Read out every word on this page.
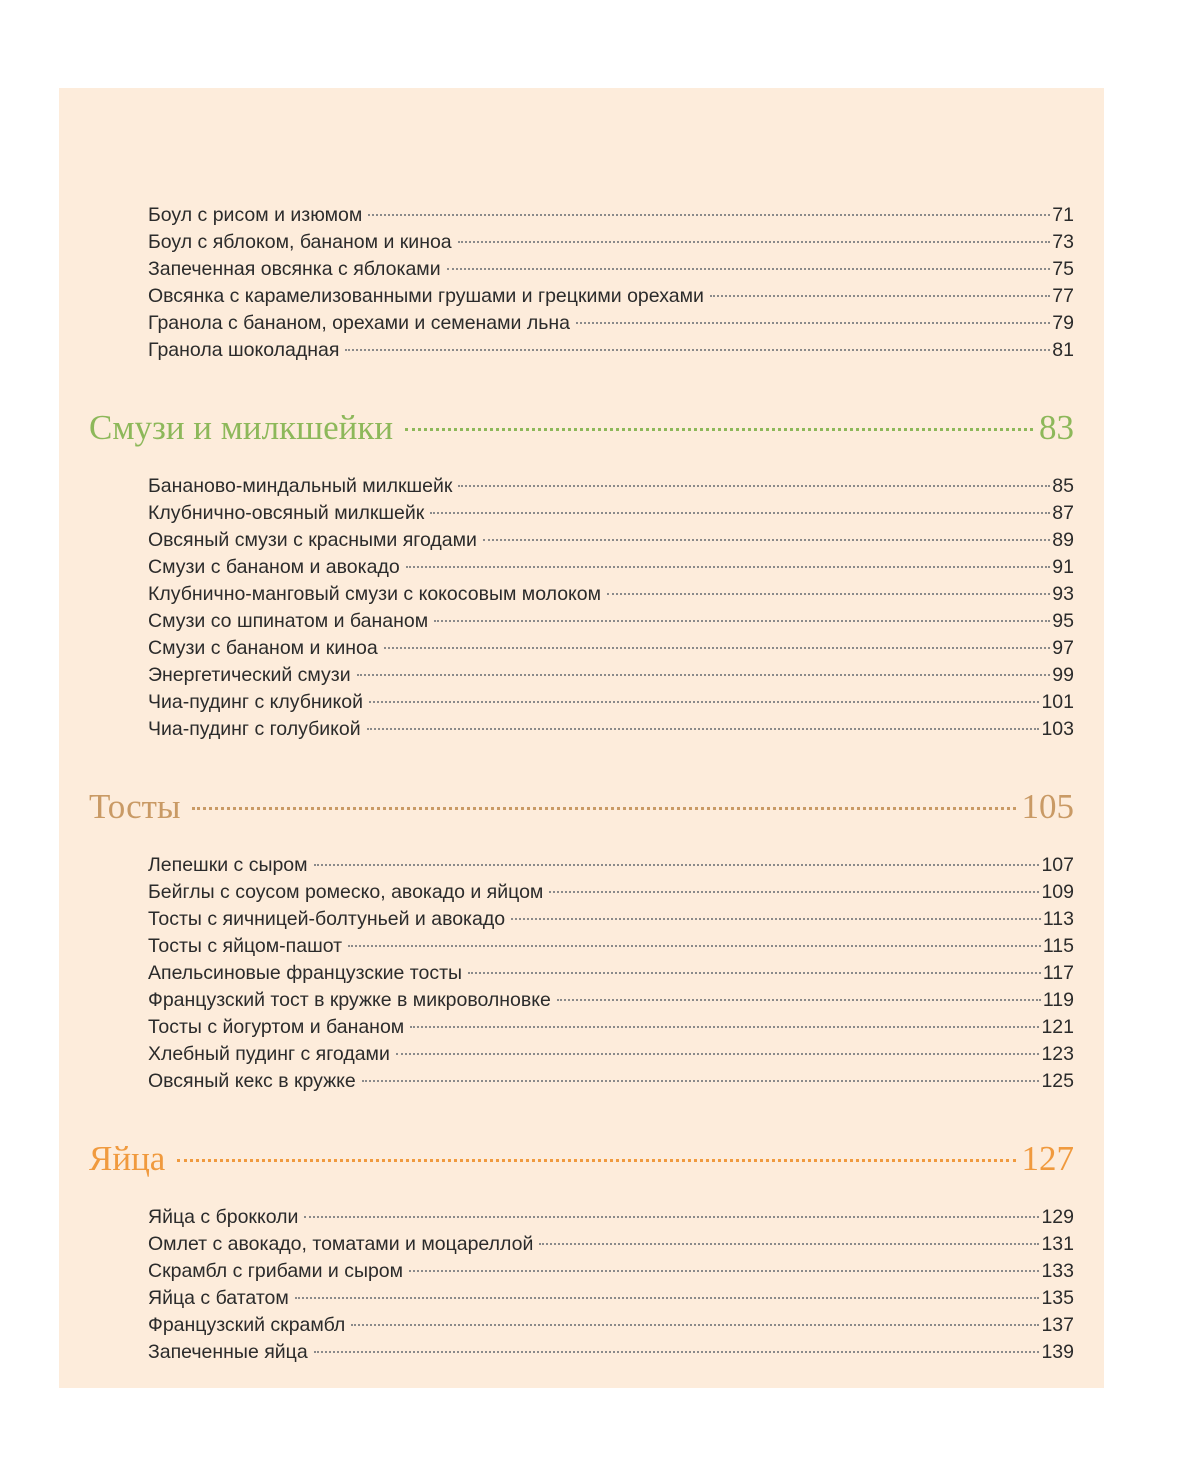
Боул с рисом и изюмом	71
Боул с яблоком, бананом и киноа	73
Запеченная овсянка с яблоками	75
Овсянка с карамелизованными грушами и грецкими орехами	77
Гранола с бананом, орехами и семенами льна	79
Гранола шоколадная	81
Смузи и милкшейки	83
Бананово-миндальный милкшейк	85
Клубнично-овсяный милкшейк	87
Овсяный смузи с красными ягодами	89
Смузи с бананом и авокадо	91
Клубнично-манговый смузи с кокосовым молоком	93
Смузи со шпинатом и бананом	95
Смузи с бананом и киноа	97
Энергетический смузи	99
Чиа-пудинг с клубникой	101
Чиа-пудинг с голубикой	103
Тосты	105
Лепешки с сыром	107
Бейглы с соусом ромеско, авокадо и яйцом	109
Тосты с яичницей-болтуньей и авокадо	113
Тосты с яйцом-пашот	115
Апельсиновые французские тосты	117
Французский тост в кружке в микроволновке	119
Тосты с йогуртом и бананом	121
Хлебный пудинг с ягодами	123
Овсяный кекс в кружке	125
Яйца	127
Яйца с брокколи	129
Омлет с авокадо, томатами и моцареллой	131
Скрамбл с грибами и сыром	133
Яйца с бататом	135
Французский скрамбл	137
Запеченные яйца	139
